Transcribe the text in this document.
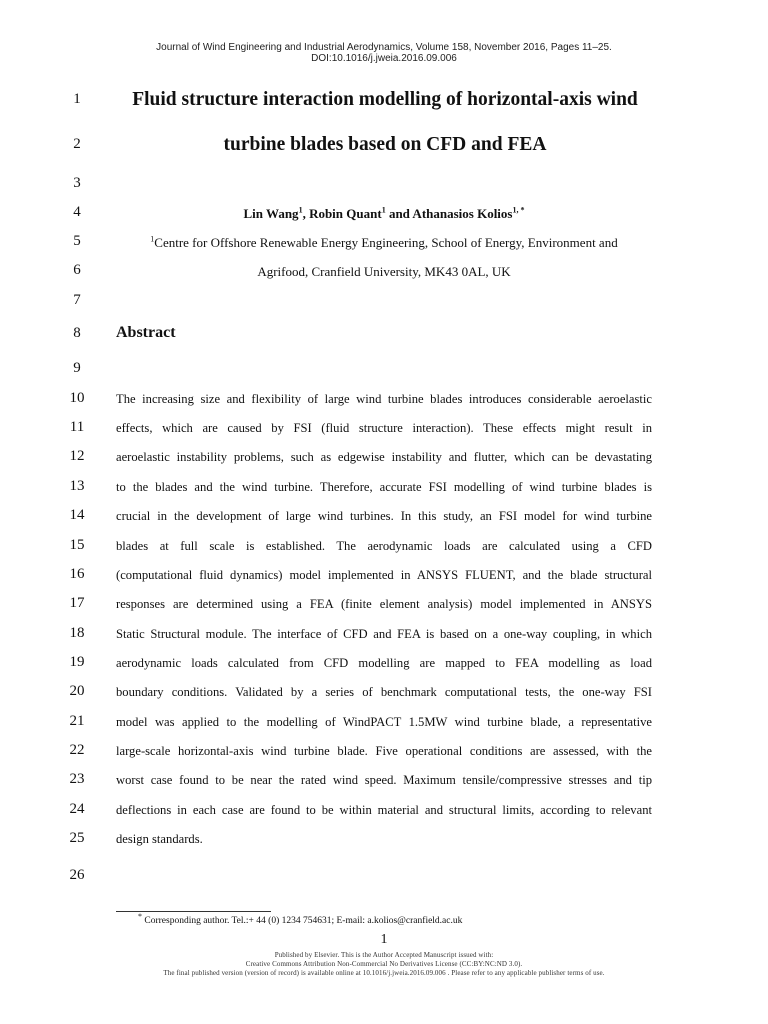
Journal of Wind Engineering and Industrial Aerodynamics, Volume 158, November 2016, Pages 11–25.
DOI:10.1016/j.jweia.2016.09.006
1
2
3
4
5
6
7
8
9
10
11
12
13
14
15
16
17
18
19
20
21
22
23
24
25
26
Fluid structure interaction modelling of horizontal-axis wind
turbine blades based on CFD and FEA
Lin Wang$^1$, Robin Quant$^1$ and Athanasios Kolios$^{1, *}$
$^1$Centre for Offshore Renewable Energy Engineering, School of Energy, Environment and
Agrifood, Cranfield University, MK43 0AL, UK
Abstract
The increasing size and flexibility of large wind turbine blades introduces considerable aeroelastic
effects, which are caused by FSI (fluid structure interaction). These effects might result in
aeroelastic instability problems, such as edgewise instability and flutter, which can be devastating
to the blades and the wind turbine. Therefore, accurate FSI modelling of wind turbine blades is
crucial in the development of large wind turbines. In this study, an FSI model for wind turbine
blades at full scale is established. The aerodynamic loads are calculated using a CFD
(computational fluid dynamics) model implemented in ANSYS FLUENT, and the blade structural
responses are determined using a FEA (finite element analysis) model implemented in ANSYS
Static Structural module. The interface of CFD and FEA is based on a one-way coupling, in which
aerodynamic loads calculated from CFD modelling are mapped to FEA modelling as load
boundary conditions. Validated by a series of benchmark computational tests, the one-way FSI
model was applied to the modelling of WindPACT 1.5MW wind turbine blade, a representative
large-scale horizontal-axis wind turbine blade. Five operational conditions are assessed, with the
worst case found to be near the rated wind speed. Maximum tensile/compressive stresses and tip
deflections in each case are found to be within material and structural limits, according to relevant
design standards.
* Corresponding author. Tel.:+ 44 (0) 1234 754631; E-mail: a.kolios@cranfield.ac.uk
1
Published by Elsevier. This is the Author Accepted Manuscript issued with:
Creative Commons Attribution Non-Commercial No Derivatives License (CC:BY:NC:ND 3.0).
The final published version (version of record) is available online at 10.1016/j.jweia.2016.09.006 . Please refer to any applicable publisher terms of use.
